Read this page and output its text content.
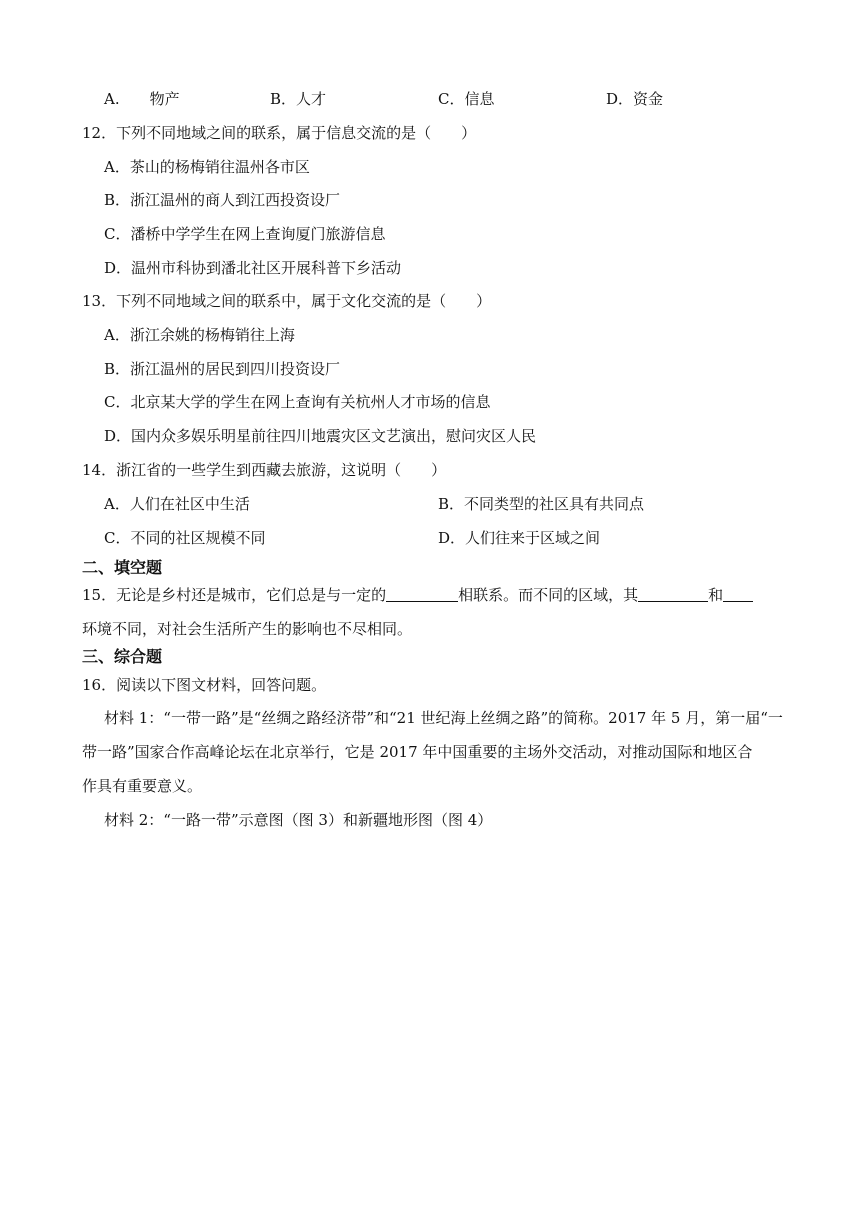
A.　　物产	B．人才	C．信息	D．资金
12．下列不同地域之间的联系，属于信息交流的是（　　）
A．茶山的杨梅销往温州各市区
B．浙江温州的商人到江西投资设厂
C．潘桥中学学生在网上查询厦门旅游信息
D．温州市科协到潘北社区开展科普下乡活动
13．下列不同地域之间的联系中，属于文化交流的是（　　）
A．浙江余姚的杨梅销往上海
B．浙江温州的居民到四川投资设厂
C．北京某大学的学生在网上查询有关杭州人才市场的信息
D．国内众多娱乐明星前往四川地震灾区文艺演出，慰问灾区人民
14．浙江省的一些学生到西藏去旅游，这说明（　　）
A．人们在社区中生活	B．不同类型的社区具有共同点
C．不同的社区规模不同	D．人们往来于区域之间
二、填空题
15．无论是乡村还是城市，它们总是与一定的	相联系。而不同的区域，其	和
环境不同，对社会生活所产生的影响也不尽相同。
三、综合题
16．阅读以下图文材料，回答问题。
材料 1：“一带一路”是“丝绸之路经济带”和“21 世纪海上丝绸之路”的简称。2017 年 5 月，第一届“一
带一路”国家合作高峰论坛在北京举行，它是 2017 年中国重要的主场外交活动，对推动国际和地区合
作具有重要意义。
材料 2：“一路一带”示意图（图 3）和新疆地形图（图 4）
